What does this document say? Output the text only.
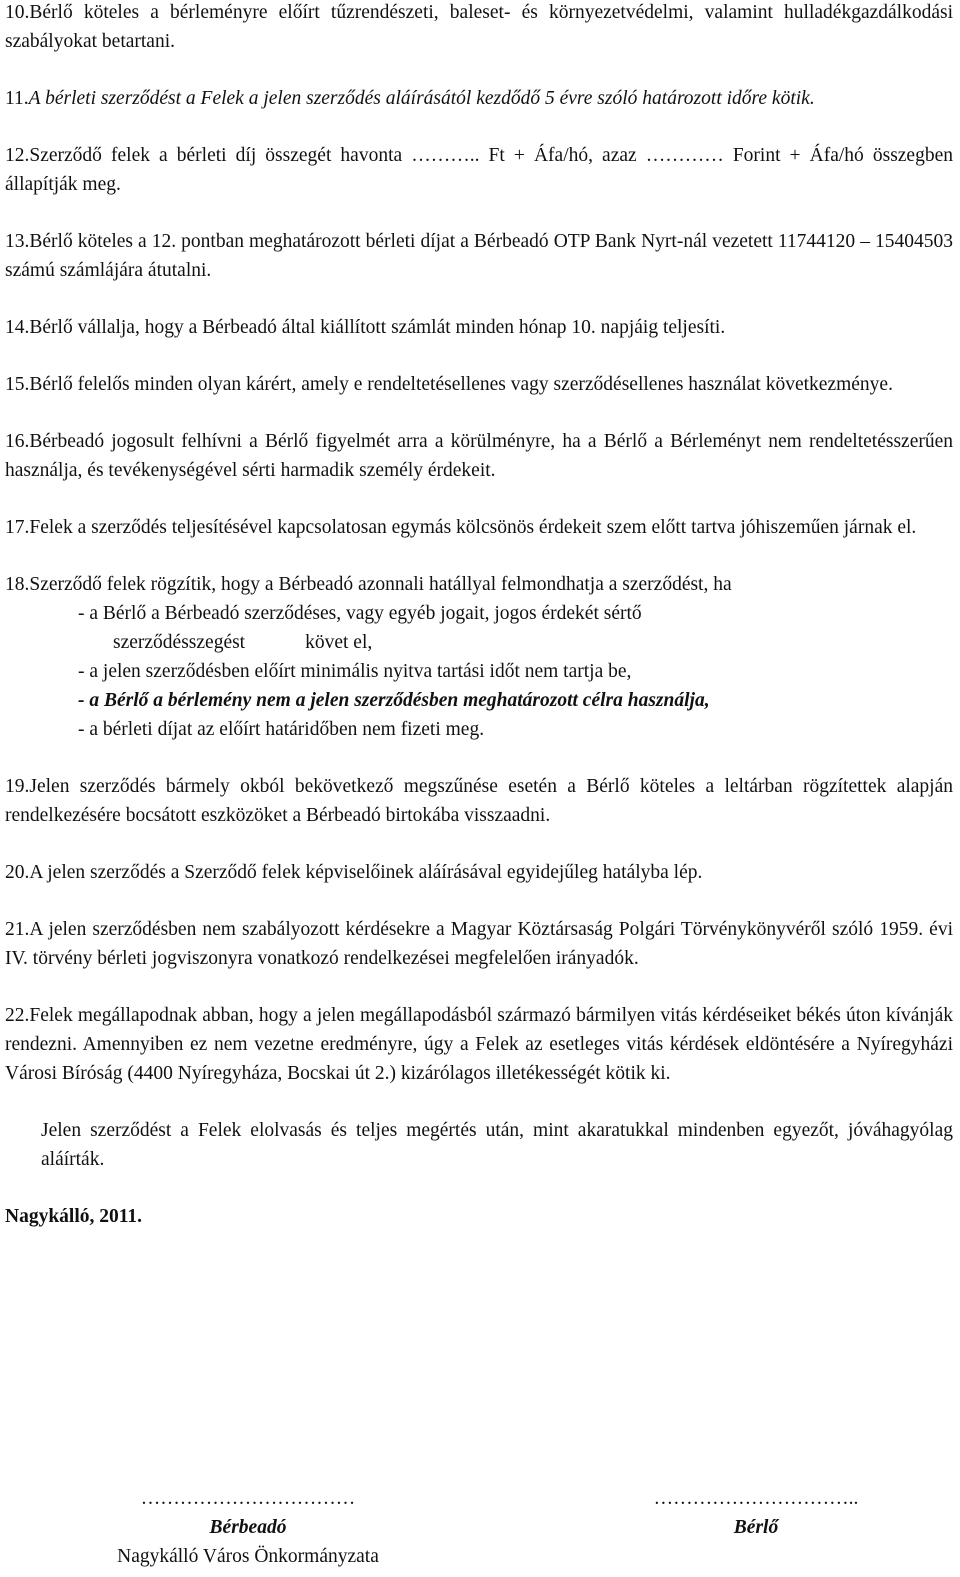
10.Bérlő köteles a bérleményre előírt tűzrendészeti, baleset- és környezetvédelmi, valamint hulladékgazdálkodási szabályokat betartani.

11.A bérleti szerződést a Felek a jelen szerződés aláírásától kezdődő 5 évre szóló határozott időre kötik.

12.Szerződő felek a bérleti díj összegét havonta ……….. Ft + Áfa/hó, azaz ………… Forint + Áfa/hó összegben állapítják meg.

13.Bérlő köteles a 12. pontban meghatározott bérleti díjat a Bérbeadó OTP Bank Nyrt-nál vezetett 11744120 – 15404503 számú számlájára átutalni.

14.Bérlő vállalja, hogy a Bérbeadó által kiállított számlát minden hónap 10. napjáig teljesíti.

15.Bérlő felelős minden olyan kárért, amely e rendeltetésellenes vagy szerződésellenes használat következménye.

16.Bérbeadó jogosult felhívni a Bérlő figyelmét arra a körülményre, ha a Bérlő a Bérleményt nem rendeltetésszerűen használja, és tevékenységével sérti harmadik személy érdekeit.

17.Felek a szerződés teljesítésével kapcsolatosan egymás kölcsönös érdekeit szem előtt tartva jóhiszeműen járnak el.

18.Szerződő felek rögzítik, hogy a Bérbeadó azonnali hatállyal felmondhatja a szerződést, ha

- a Bérlő a Bérbeadó szerződéses, vagy egyéb jogait, jogos érdekét sértő
szerződésszegést	követ el,
- a jelen szerződésben előírt minimális nyitva tartási időt nem tartja be,
- a Bérlő a bérlemény nem a jelen szerződésben meghatározott célra használja,
- a bérleti díjat az előírt határidőben nem fizeti meg.

19.Jelen szerződés bármely okból bekövetkező megszűnése esetén a Bérlő köteles a leltárban rögzítettek alapján rendelkezésére bocsátott eszközöket a Bérbeadó birtokába visszaadni.

20.A jelen szerződés a Szerződő felek képviselőinek aláírásával egyidejűleg hatályba lép.

21.A jelen szerződésben nem szabályozott kérdésekre a Magyar Köztársaság Polgári Törvénykönyvéről szóló 1959. évi IV. törvény bérleti jogviszonyra vonatkozó rendelkezései megfelelően irányadók.

22.Felek megállapodnak abban, hogy a jelen megállapodásból származó bármilyen vitás kérdéseiket békés úton kívánják rendezni. Amennyiben ez nem vezetne eredményre, úgy a Felek az esetleges vitás kérdések eldöntésére a Nyíregyházi Városi Bíróság (4400 Nyíregyháza, Bocskai út 2.) kizárólagos illetékességét kötik ki.

Jelen szerződést a Felek elolvasás és teljes megértés után, mint akaratukkal mindenben egyezőt, jóváhagyólag aláírták.

Nagykálló, 2011.

……………………………
Bérbeadó
Nagykálló Város Önkormányzata
…………………………..
Bérlő
